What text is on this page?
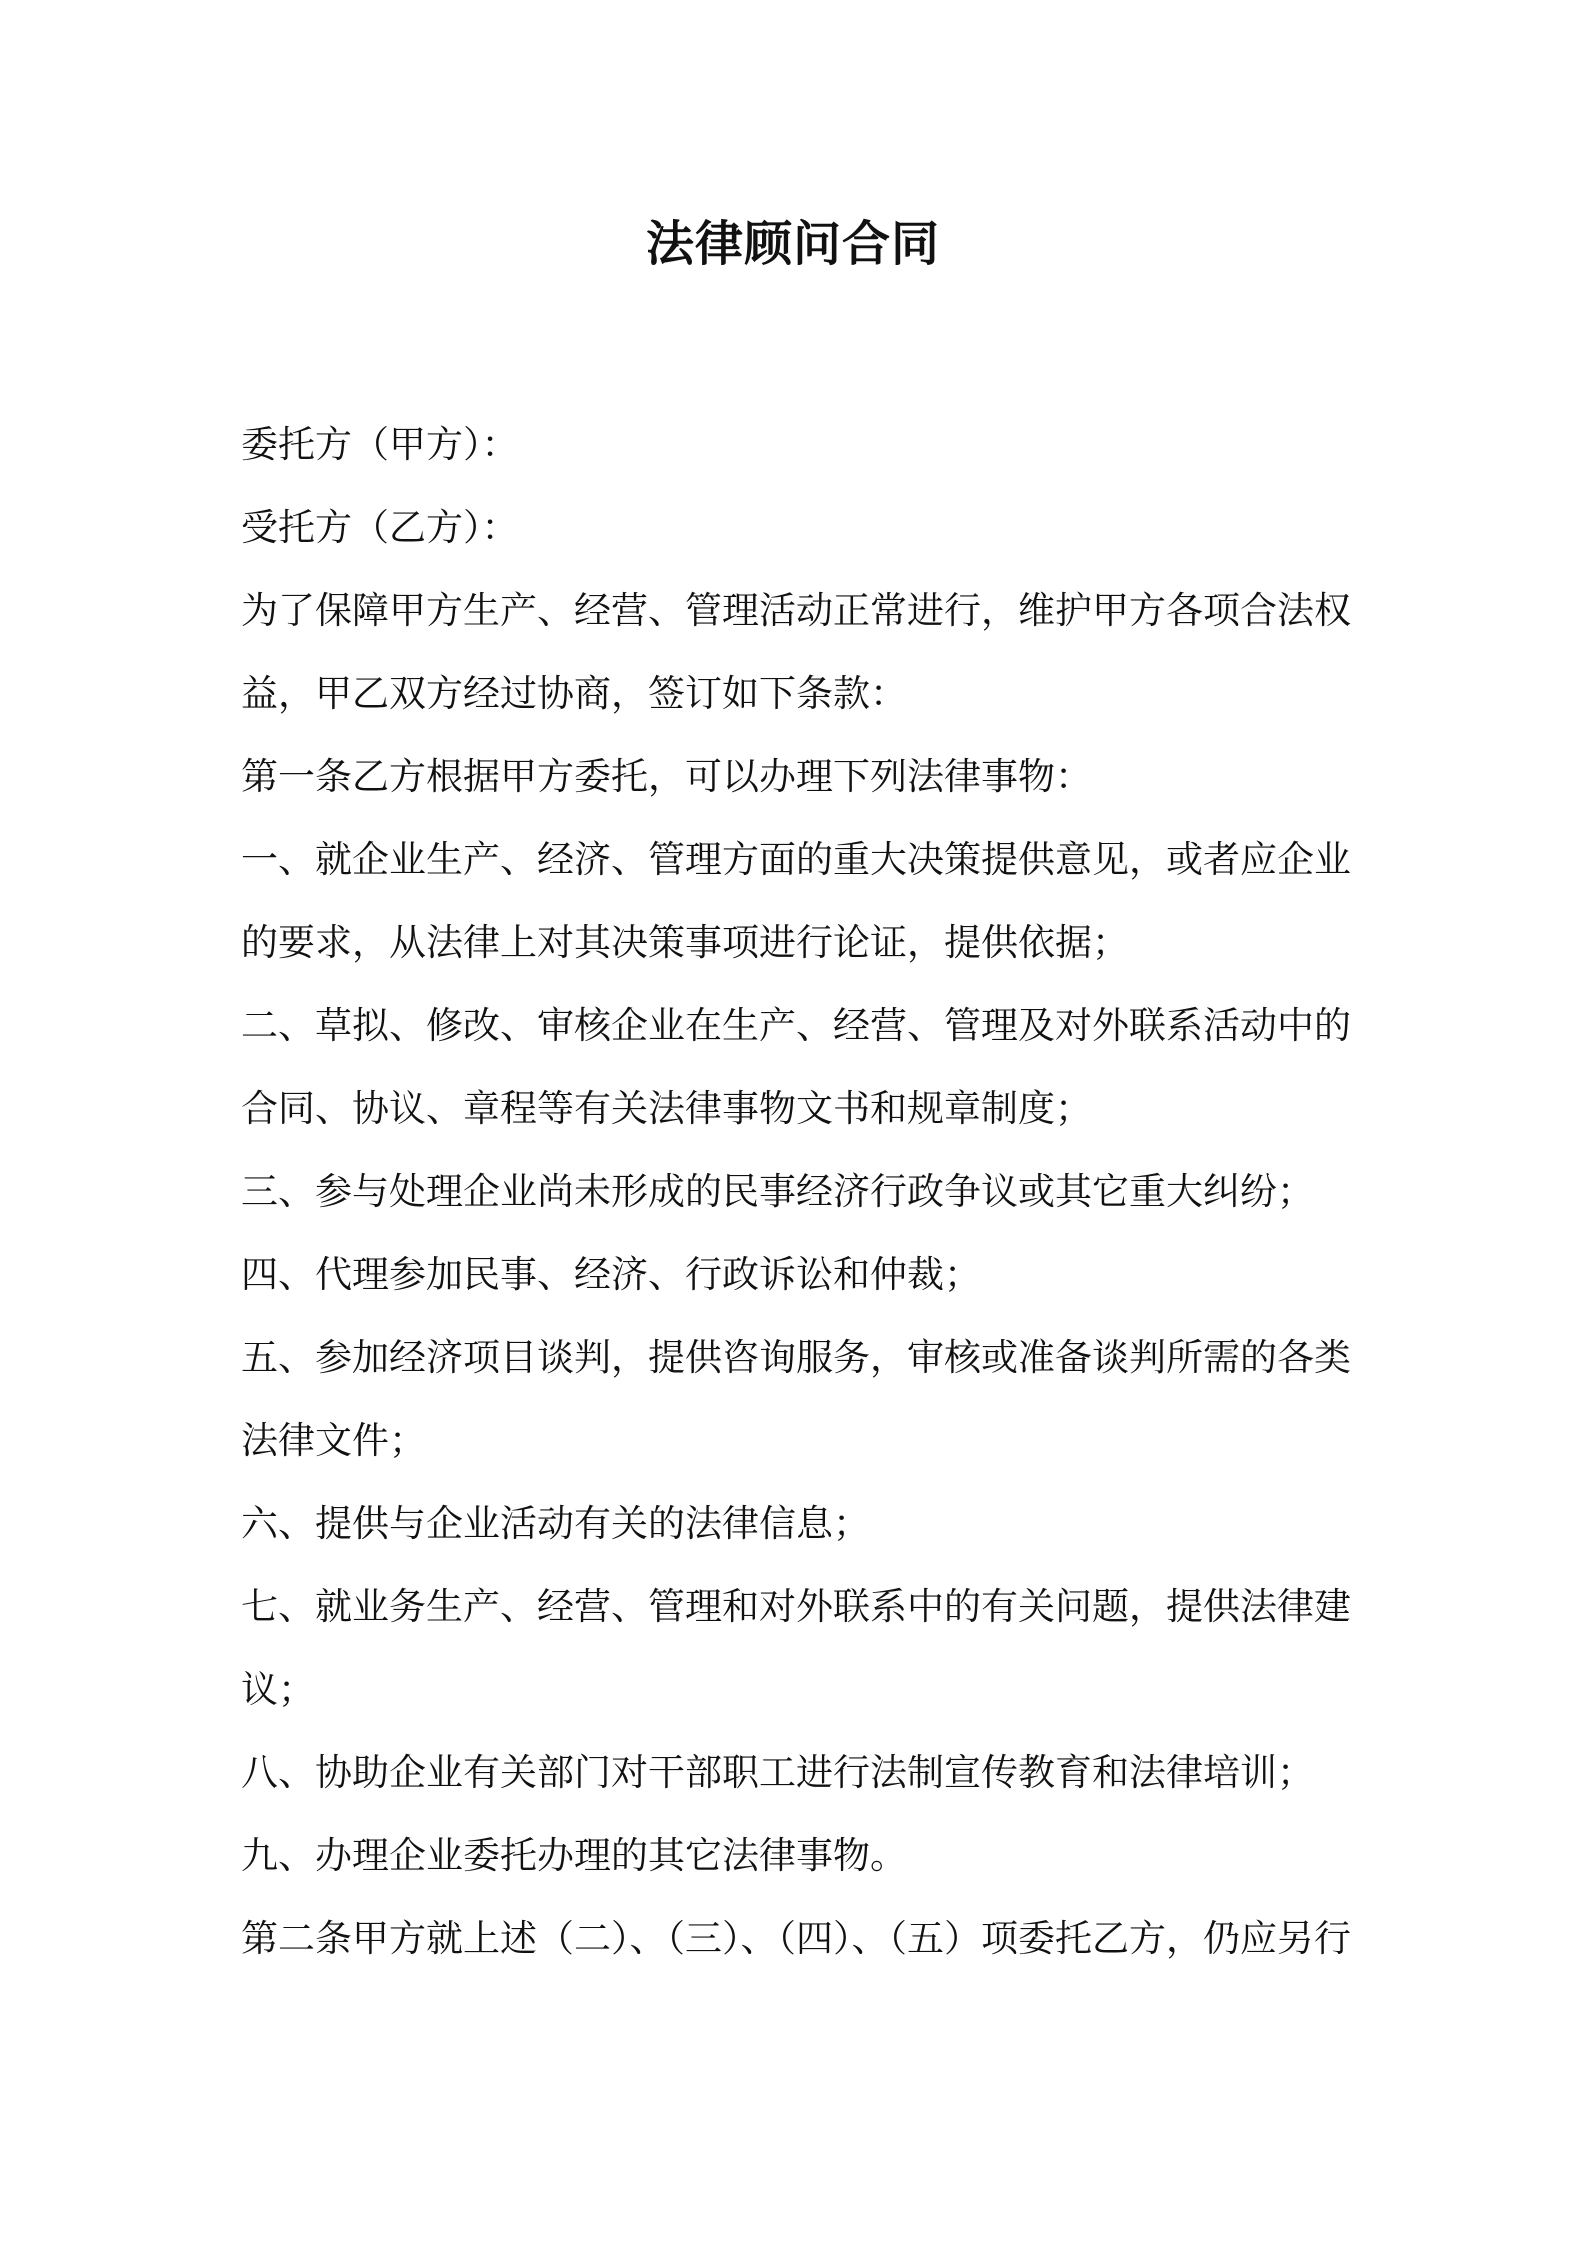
法律顾问合同
委托方（甲方）：
受托方（乙方）：
为了保障甲方生产、经营、管理活动正常进行，维护甲方各项合法权
益，甲乙双方经过协商，签订如下条款：
第一条乙方根据甲方委托，可以办理下列法律事物：
一、就企业生产、经济、管理方面的重大决策提供意见，或者应企业
的要求，从法律上对其决策事项进行论证，提供依据；
二、草拟、修改、审核企业在生产、经营、管理及对外联系活动中的
合同、协议、章程等有关法律事物文书和规章制度；
三、参与处理企业尚未形成的民事经济行政争议或其它重大纠纷；
四、代理参加民事、经济、行政诉讼和仲裁；
五、参加经济项目谈判，提供咨询服务，审核或准备谈判所需的各类
法律文件；
六、提供与企业活动有关的法律信息；
七、就业务生产、经营、管理和对外联系中的有关问题，提供法律建
议；
八、协助企业有关部门对干部职工进行法制宣传教育和法律培训；
九、办理企业委托办理的其它法律事物。
第二条甲方就上述（二）、（三）、（四）、（五）项委托乙方，仍应另行
